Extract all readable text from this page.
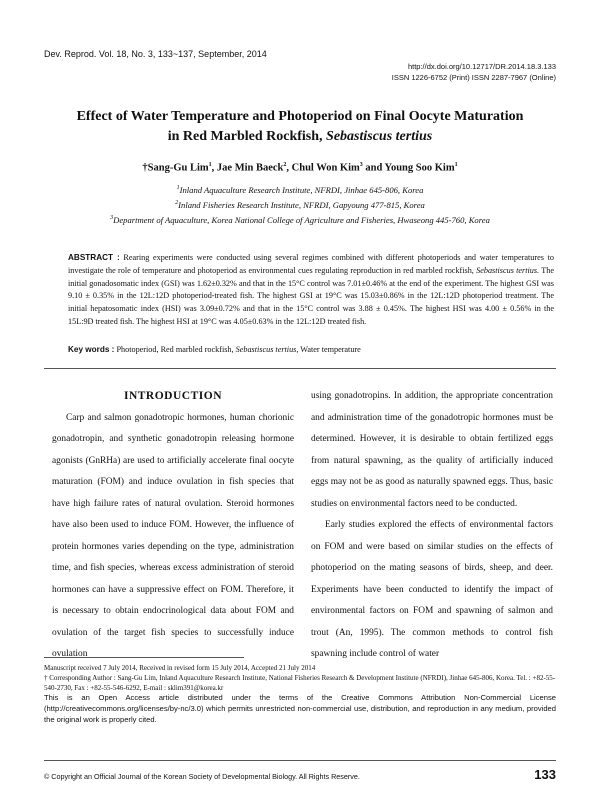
Dev. Reprod. Vol. 18, No. 3, 133~137, September, 2014
http://dx.doi.org/10.12717/DR.2014.18.3.133
ISSN 1226-6752 (Print) ISSN 2287-7967 (Online)
Effect of Water Temperature and Photoperiod on Final Oocyte Maturation
in Red Marbled Rockfish, Sebastiscus tertius
†Sang-Gu Lim$^1$, Jae Min Baeck$^2$, Chul Won Kim$^3$ and Young Soo Kim$^1$
$^1$Inland Aquaculture Research Institute, NFRDI, Jinhae 645-806, Korea
$^2$Inland Fisheries Research Institute, NFRDI, Gapyoung 477-815, Korea
$^3$Department of Aquaculture, Korea National College of Agriculture and Fisheries, Hwaseong 445-760, Korea
ABSTRACT : Rearing experiments were conducted using several regimes combined with different photoperiods and water temperatures to investigate the role of temperature and photoperiod as environmental cues regulating reproduction in red marbled rockfish, Sebastiscus tertius. The initial gonadosomatic index (GSI) was 1.62±0.32% and that in the 15°C control was 7.01±0.46% at the end of the experiment. The highest GSI was 9.10 ± 0.35% in the 12L:12D photoperiod-treated fish. The highest GSI at 19°C was 15.03±0.86% in the 12L:12D photoperiod treatment. The initial hepatosomatic index (HSI) was 3.09±0.72% and that in the 15°C control was 3.88 ± 0.45%. The highest HSI was 4.00 ± 0.56% in the 15L:9D treated fish. The highest HSI at 19°C was 4.05±0.63% in the 12L:12D treated fish.
Key words : Photoperiod, Red marbled rockfish, Sebastiscus tertius, Water temperature

INTRODUCTION

Carp and salmon gonadotropic hormones, human chorionic gonadotropin, and synthetic gonadotropin releasing hormone agonists (GnRHa) are used to artificially accelerate final oocyte maturation (FOM) and induce ovulation in fish species that have high failure rates of natural ovulation. Steroid hormones have also been used to induce FOM. However, the influence of protein hormones varies depending on the type, administration time, and fish species, whereas excess administration of steroid hormones can have a suppressive effect on FOM. Therefore, it is necessary to obtain endocrinological data about FOM and ovulation of the target fish species to successfully induce ovulation

using gonadotropins. In addition, the appropriate concentration and administration time of the gonadotropic hormones must be determined. However, it is desirable to obtain fertilized eggs from natural spawning, as the quality of artificially induced eggs may not be as good as naturally spawned eggs. Thus, basic studies on environmental factors need to be conducted.

Early studies explored the effects of environmental factors on FOM and were based on similar studies on the effects of photoperiod on the mating seasons of birds, sheep, and deer. Experiments have been conducted to identify the impact of environmental factors on FOM and spawning of salmon and trout (An, 1995). The common methods to control fish spawning include control of water

Manuscript received 7 July 2014, Received in revised form 15 July 2014, Accepted 21 July 2014
† Corresponding Author : Sang-Gu Lim, Inland Aquaculture Research Institute, National Fisheries Research & Development Institute (NFRDI), Jinhae 645-806, Korea. Tel. : +82-55-540-2730, Fax : +82-55-546-6292, E-mail : sklim391@korea.kr
This is an Open Access article distributed under the terms of the Creative Commons Attribution Non-Commercial License (http://creativecommons.org/licenses/by-nc/3.0) which permits unrestricted non-commercial use, distribution, and reproduction in any medium, provided the original work is properly cited.
© Copyright an Official Journal of the Korean Society of Developmental Biology. All Rights Reserve.	133
